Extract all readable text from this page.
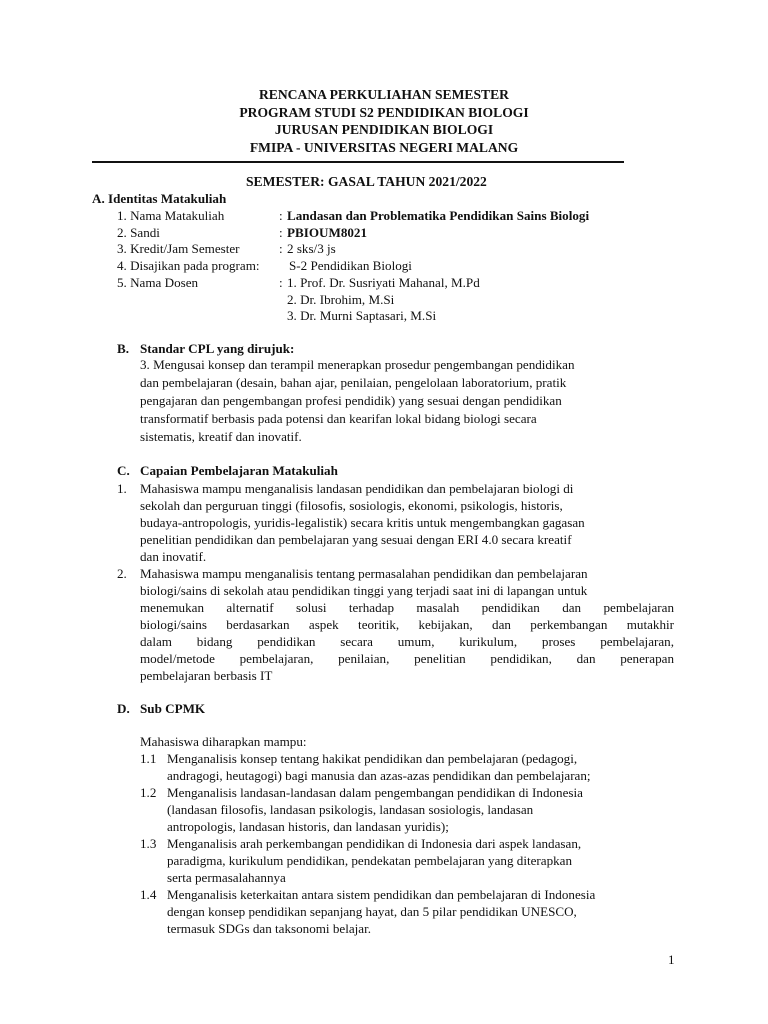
RENCANA PERKULIAHAN SEMESTER
PROGRAM STUDI S2 PENDIDIKAN BIOLOGI
JURUSAN PENDIDIKAN BIOLOGI
FMIPA - UNIVERSITAS NEGERI MALANG
SEMESTER: GASAL TAHUN 2021/2022
A. Identitas Matakuliah
1. Nama Matakuliah	: Landasan dan Problematika Pendidikan Sains Biologi
2. Sandi	: PBIOUM8021
3. Kredit/Jam Semester	: 2 sks/3 js
4. Disajikan pada program: S-2 Pendidikan Biologi
5. Nama Dosen	: 1. Prof. Dr. Susriyati Mahanal, M.Pd
2. Dr. Ibrohim, M.Si
3. Dr. Murni Saptasari, M.Si
B. Standar CPL yang dirujuk:
3. Mengusai konsep dan terampil menerapkan prosedur pengembangan pendidikan
dan pembelajaran (desain, bahan ajar, penilaian, pengelolaan laboratorium, pratik
pengajaran dan pengembangan profesi pendidik) yang sesuai dengan pendidikan
transformatif berbasis pada potensi dan kearifan lokal bidang biologi secara
sistematis, kreatif dan inovatif.
C. Capaian Pembelajaran Matakuliah
1. Mahasiswa mampu menganalisis landasan pendidikan dan pembelajaran biologi di
sekolah dan perguruan tinggi (filosofis, sosiologis, ekonomi, psikologis, historis,
budaya-antropologis, yuridis-legalistik) secara kritis untuk mengembangkan gagasan
penelitian pendidikan dan pembelajaran yang sesuai dengan ERI 4.0 secara kreatif
dan inovatif.
2. Mahasiswa mampu menganalisis tentang permasalahan pendidikan dan pembelajaran
biologi/sains di sekolah atau pendidikan tinggi yang terjadi saat ini di lapangan untuk
menemukan alternatif solusi terhadap masalah pendidikan dan pembelajaran
biologi/sains berdasarkan aspek teoritik, kebijakan, dan perkembangan mutakhir
dalam bidang pendidikan secara umum, kurikulum, proses pembelajaran,
model/metode pembelajaran, penilaian, penelitian pendidikan, dan penerapan
pembelajaran berbasis IT
D. Sub CPMK
Mahasiswa diharapkan mampu:
1.1 Menganalisis konsep tentang hakikat pendidikan dan pembelajaran (pedagogi,
andragogi, heutagogi) bagi manusia dan azas-azas pendidikan dan pembelajaran;
1.2 Menganalisis landasan-landasan dalam pengembangan pendidikan di Indonesia
(landasan filosofis, landasan psikologis, landasan sosiologis, landasan
antropologis, landasan historis, dan landasan yuridis);
1.3 Menganalisis arah perkembangan pendidikan di Indonesia dari aspek landasan,
paradigma, kurikulum pendidikan, pendekatan pembelajaran yang diterapkan
serta permasalahannya
1.4 Menganalisis keterkaitan antara sistem pendidikan dan pembelajaran di Indonesia
dengan konsep pendidikan sepanjang hayat, dan 5 pilar pendidikan UNESCO,
termasuk SDGs dan taksonomi belajar.
1
